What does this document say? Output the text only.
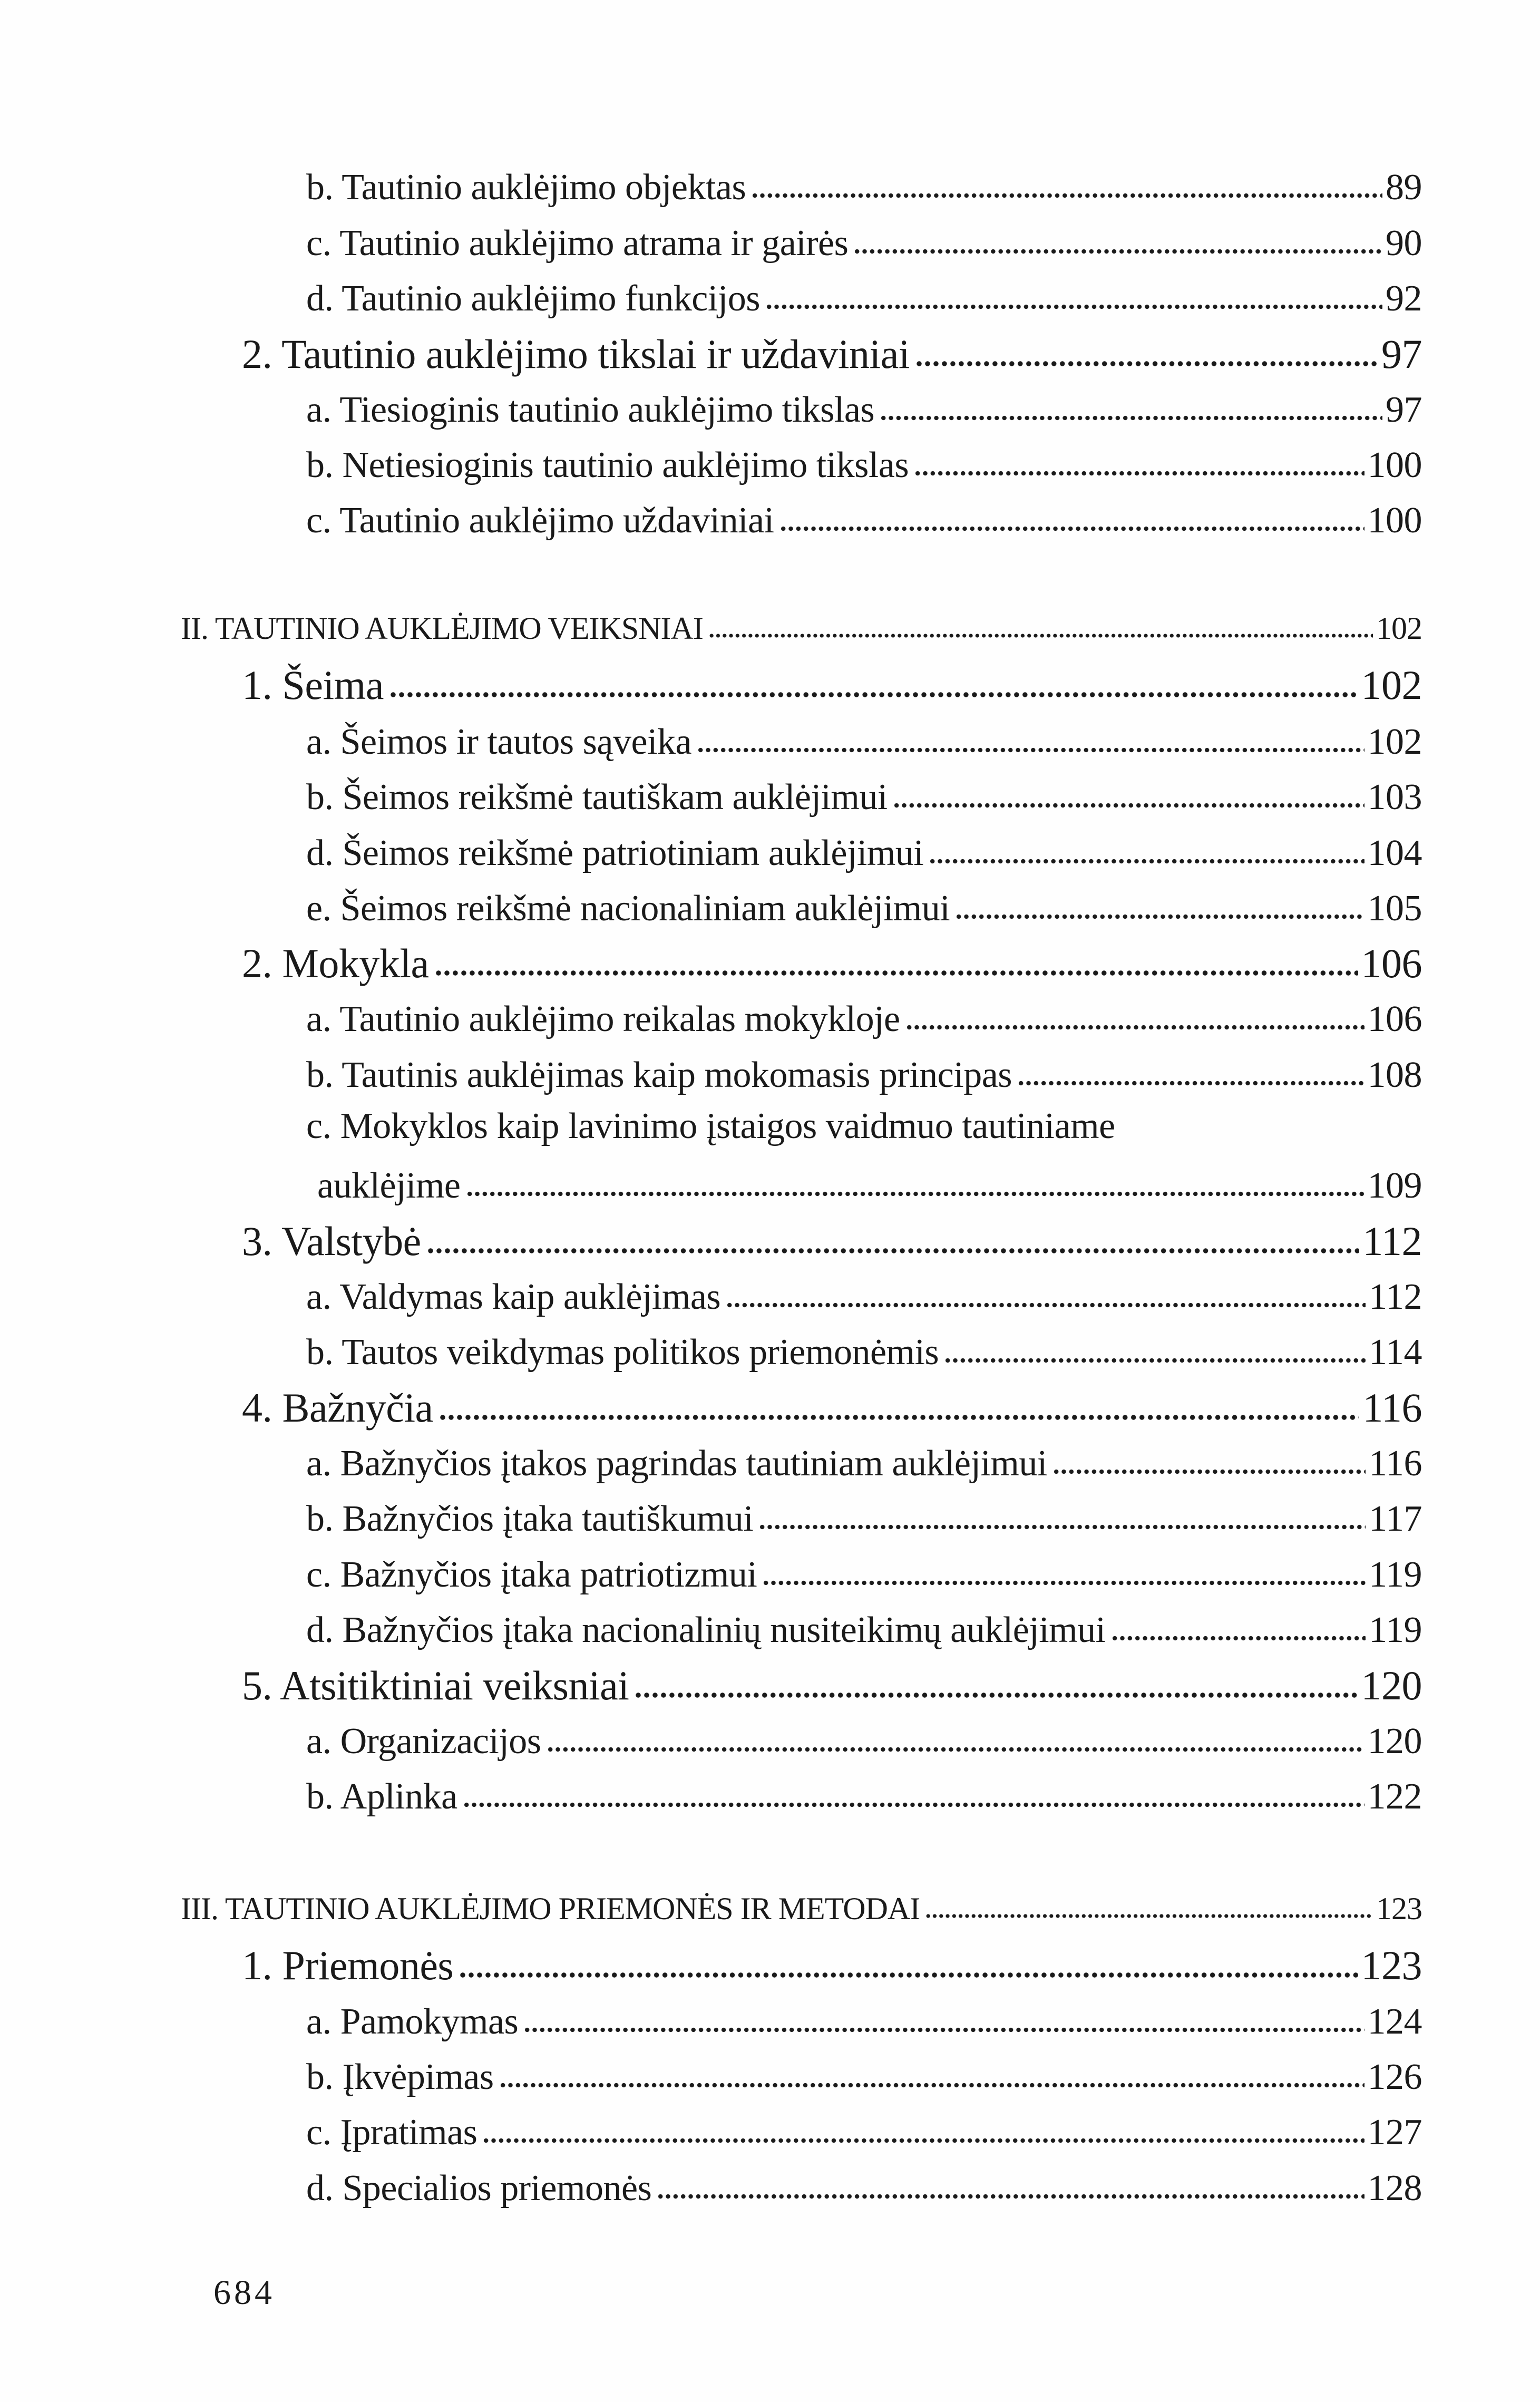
b. Tautinio auklėjimo objektas	89
c. Tautinio auklėjimo atrama ir gairės	90
d. Tautinio auklėjimo funkcijos	92
2. Tautinio auklėjimo tikslai ir uždaviniai	97
a. Tiesioginis tautinio auklėjimo tikslas	97
b. Netiesioginis tautinio auklėjimo tikslas	100
c. Tautinio auklėjimo uždaviniai	100
II. TAUTINIO AUKLĖJIMO VEIKSNIAI	102
1. Šeima	102
a. Šeimos ir tautos sąveika	102
b. Šeimos reikšmė tautiškam auklėjimui	103
d. Šeimos reikšmė patriotiniam auklėjimui	104
e. Šeimos reikšmė nacionaliniam auklėjimui	105
2. Mokykla	106
a. Tautinio auklėjimo reikalas mokykloje	106
b. Tautinis auklėjimas kaip mokomasis principas	108
c. Mokyklos kaip lavinimo įstaigos vaidmuo tautiniame
auklėjime	109
3. Valstybė	112
a. Valdymas kaip auklėjimas	112
b. Tautos veikdymas politikos priemonėmis	114
4. Bažnyčia	116
a. Bažnyčios įtakos pagrindas tautiniam auklėjimui	116
b. Bažnyčios įtaka tautiškumui	117
c. Bažnyčios įtaka patriotizmui	119
d. Bažnyčios įtaka nacionalinių nusiteikimų auklėjimui	119
5. Atsitiktiniai veiksniai	120
a. Organizacijos	120
b. Aplinka	122
III. TAUTINIO AUKLĖJIMO PRIEMONĖS IR METODAI	123
1. Priemonės	123
a. Pamokymas	124
b. Įkvėpimas	126
c. Įpratimas	127
d. Specialios priemonės	128
684
